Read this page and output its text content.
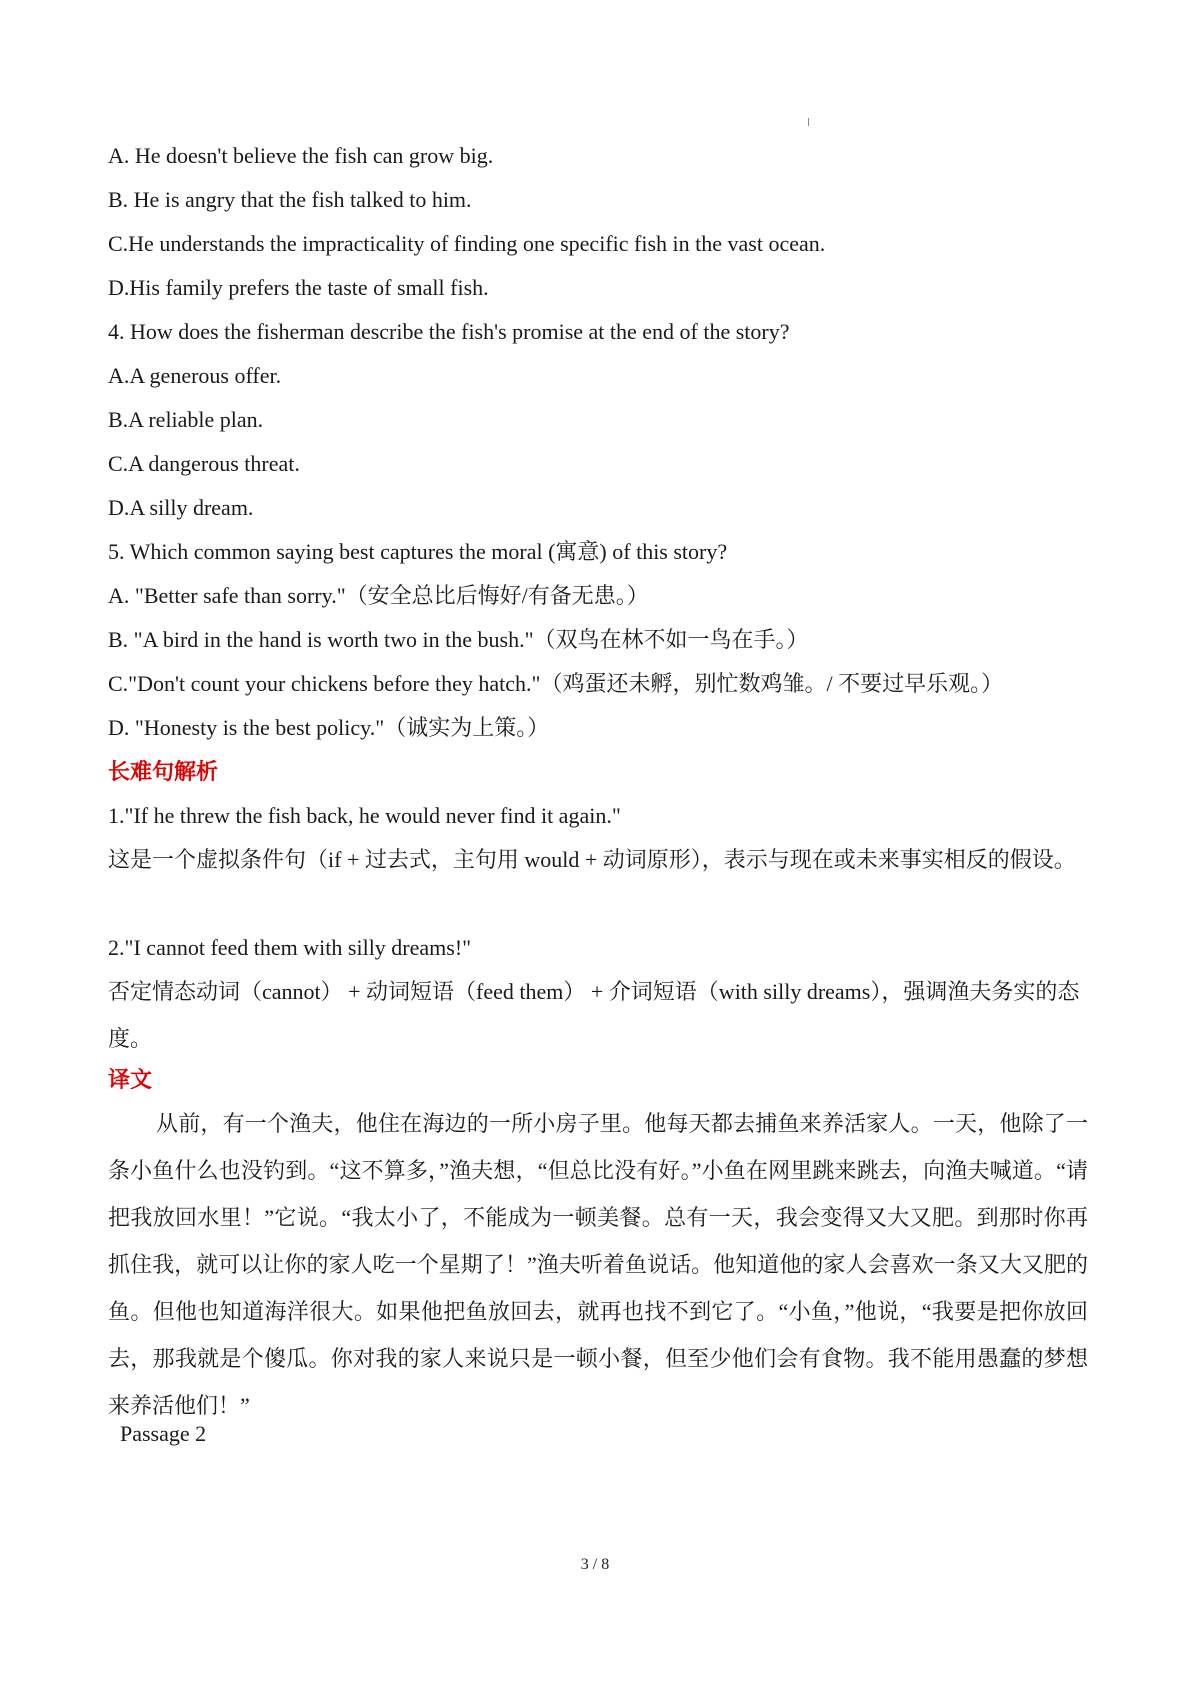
A. He doesn't believe the fish can grow big.
B. He is angry that the fish talked to him.
C.He understands the impracticality of finding one specific fish in the vast ocean.
D.His family prefers the taste of small fish.
4. How does the fisherman describe the fish's promise at the end of the story?
A.A generous offer.
B.A reliable plan.
C.A dangerous threat.
D.A silly dream.
5. Which common saying best captures the moral (寓意) of this story?
A. "Better safe than sorry."（安全总比后悔好/有备无患。）
B. "A bird in the hand is worth two in the bush."（双鸟在林不如一鸟在手。）
C."Don't count your chickens before they hatch."（鸡蛋还未孵，别忙数鸡雏。/ 不要过早乐观。）
D. "Honesty is the best policy."（诚实为上策。）
长难句解析
1."If he threw the fish back, he would never find it again."
这是一个虚拟条件句（if + 过去式，主句用 would + 动词原形），表示与现在或未来事实相反的假设。
2."I cannot feed them with silly dreams!"
否定情态动词（cannot） + 动词短语（feed them） + 介词短语（with silly dreams），强调渔夫务实的态度。
译文
从前，有一个渔夫，他住在海边的一所小房子里。他每天都去捕鱼来养活家人。一天，他除了一条小鱼什么也没钓到。“这不算多，”渔夫想，“但总比没有好。”小鱼在网里跳来跳去，向渔夫喊道。“请把我放回水里！”它说。“我太小了，不能成为一顿美餐。总有一天，我会变得又大又肥。到那时你再抓住我，就可以让你的家人吃一个星期了！”渔夫听着鱼说话。他知道他的家人会喜欢一条又大又肥的鱼。但他也知道海洋很大。如果他把鱼放回去，就再也找不到它了。“小鱼，”他说，“我要是把你放回去，那我就是个傻瓜。你对我的家人来说只是一顿小餐，但至少他们会有食物。我不能用愚蠢的梦想来养活他们！”
Passage 2
3 / 8
